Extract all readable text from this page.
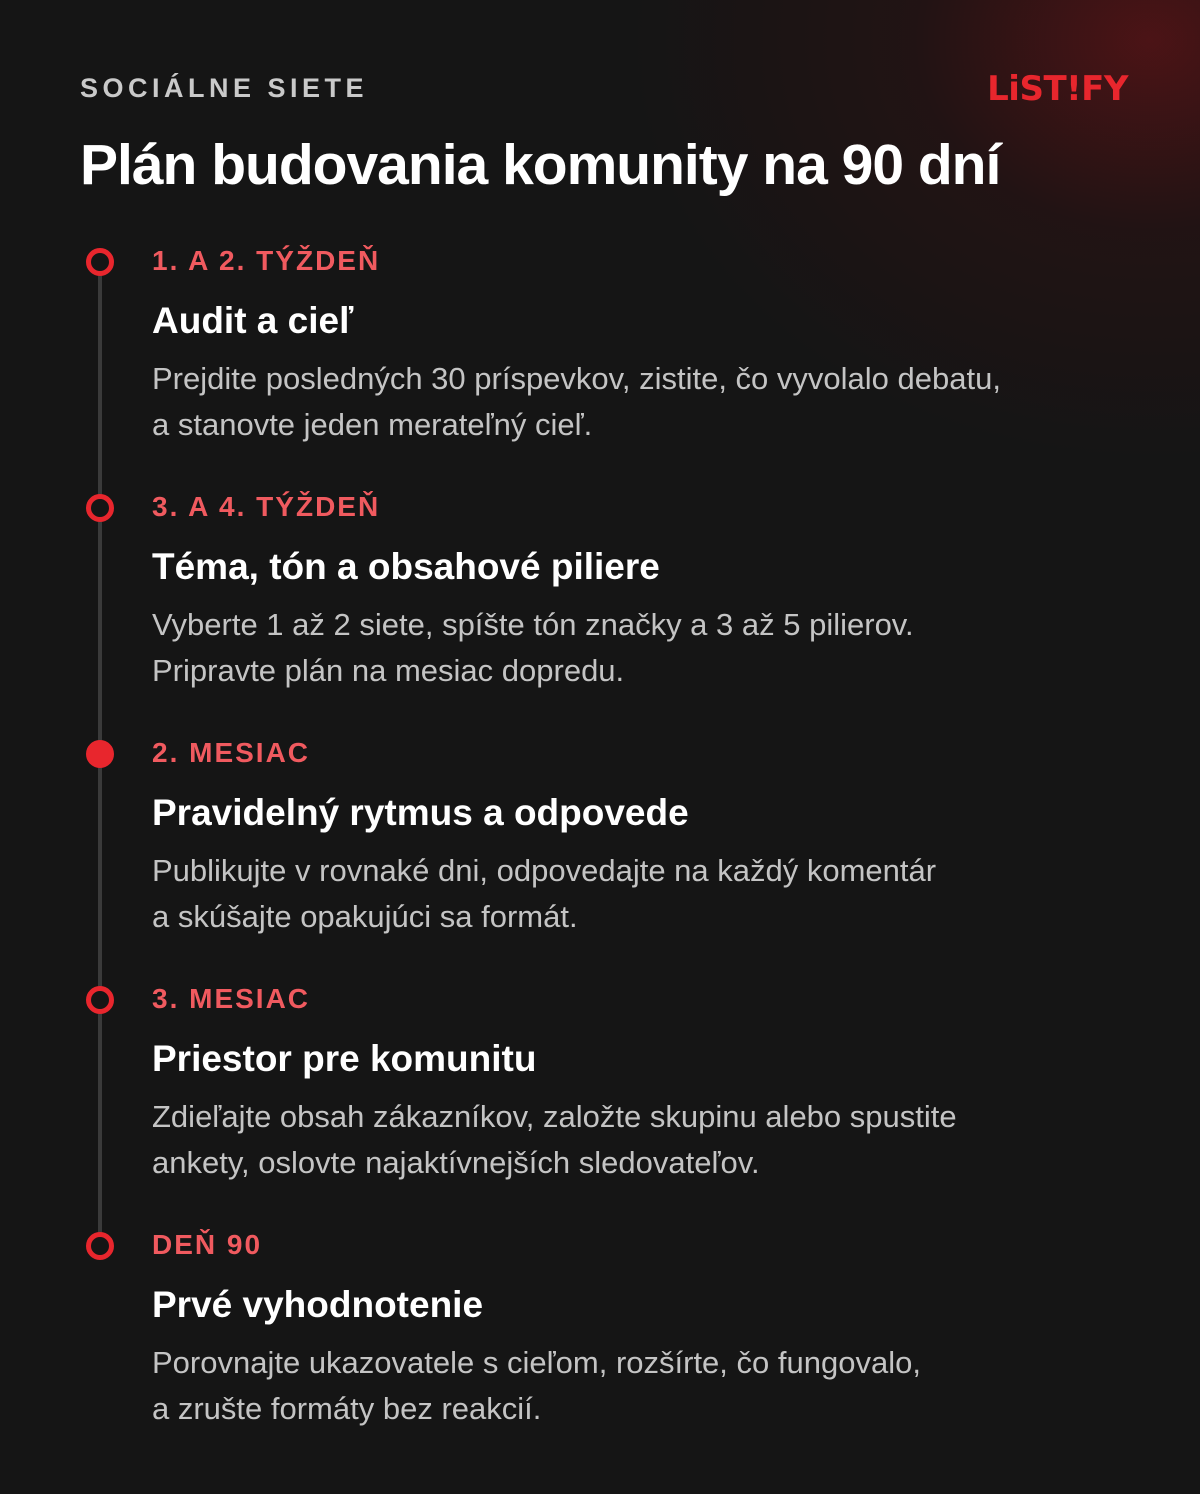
SOCIÁLNE SIETE	LiST!FY
Plán budovania komunity na 90 dní
1. A 2. TÝŽDEŇ
Audit a cieľ
Prejdite posledných 30 príspevkov, zistite, čo vyvolalo debatu,
a stanovte jeden merateľný cieľ.
3. A 4. TÝŽDEŇ
Téma, tón a obsahové piliere
Vyberte 1 až 2 siete, spíšte tón značky a 3 až 5 pilierov.
Pripravte plán na mesiac dopredu.
2. MESIAC
Pravidelný rytmus a odpovede
Publikujte v rovnaké dni, odpovedajte na každý komentár
a skúšajte opakujúci sa formát.
3. MESIAC
Priestor pre komunitu
Zdieľajte obsah zákazníkov, založte skupinu alebo spustite
ankety, oslovte najaktívnejších sledovateľov.
DEŇ 90
Prvé vyhodnotenie
Porovnajte ukazovatele s cieľom, rozšírte, čo fungovalo,
a zrušte formáty bez reakcií.
